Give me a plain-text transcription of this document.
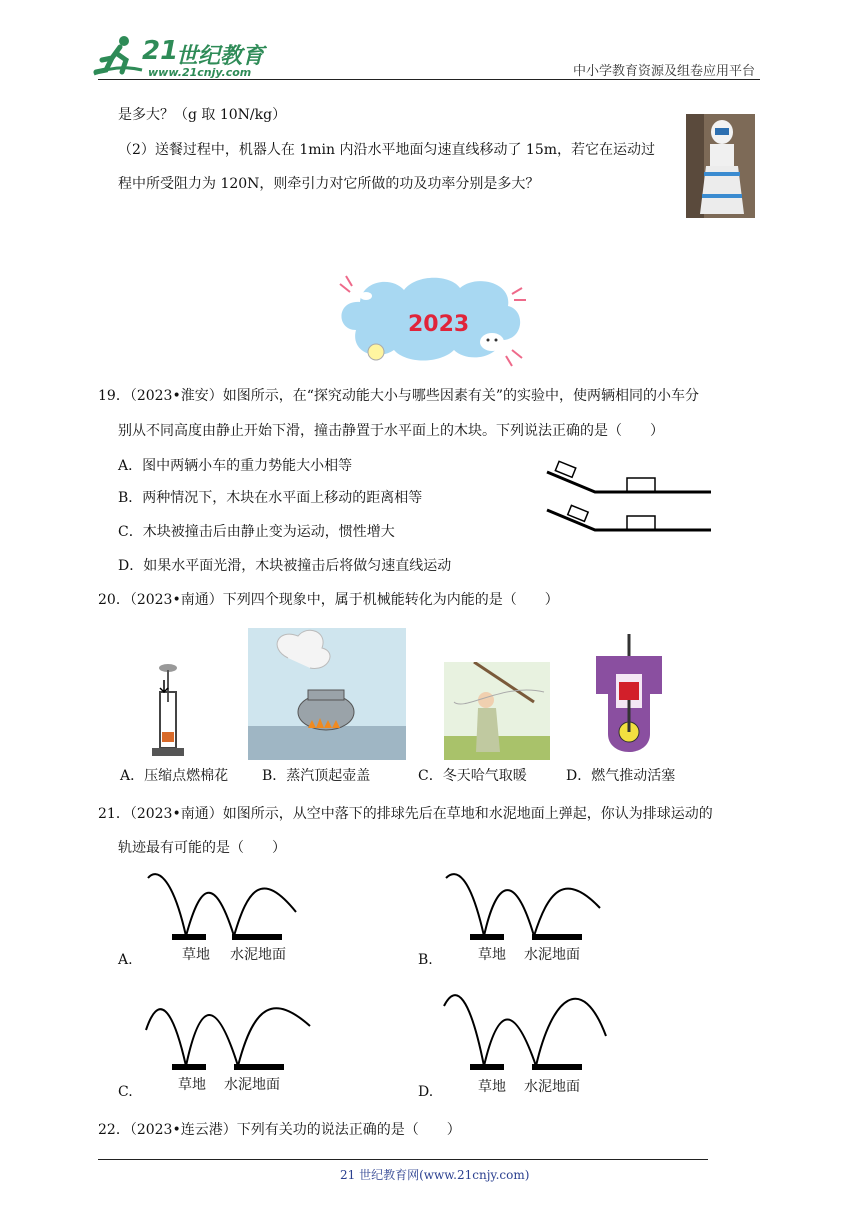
21
世纪教育
www.21cnjy.com	中小学教育资源及组卷应用平台
是多大？（g 取 10N/kg）
（2）送餐过程中，机器人在 1min 内沿水平地面匀速直线移动了 15m，若它在运动过
程中所受阻力为 120N，则牵引力对它所做的功及功率分别是多大？
2023
19．（2023•淮安）如图所示，在“探究动能大小与哪些因素有关”的实验中，使两辆相同的小车分
别从不同高度由静止开始下滑，撞击静置于水平面上的木块。下列说法正确的是（　　）
A．图中两辆小车的重力势能大小相等
B．两种情况下，木块在水平面上移动的距离相等
C．木块被撞击后由静止变为运动，惯性增大
D．如果水平面光滑，木块被撞击后将做匀速直线运动
20．（2023•南通）下列四个现象中，属于机械能转化为内能的是（　　）
A．压缩点燃棉花 B．蒸汽顶起壶盖	C．冬天哈气取暖	D．燃气推动活塞
21．（2023•南通）如图所示，从空中落下的排球先后在草地和水泥地面上弹起，你认为排球运动的
轨迹最有可能的是（　　）
A.	草地 水泥地面	B.	草地 水泥地面
C.	草地 水泥地面	D.	草地 水泥地面
22．（2023•连云港）下列有关功的说法正确的是（　　）
21 世纪教育网(www.21cnjy.com)
